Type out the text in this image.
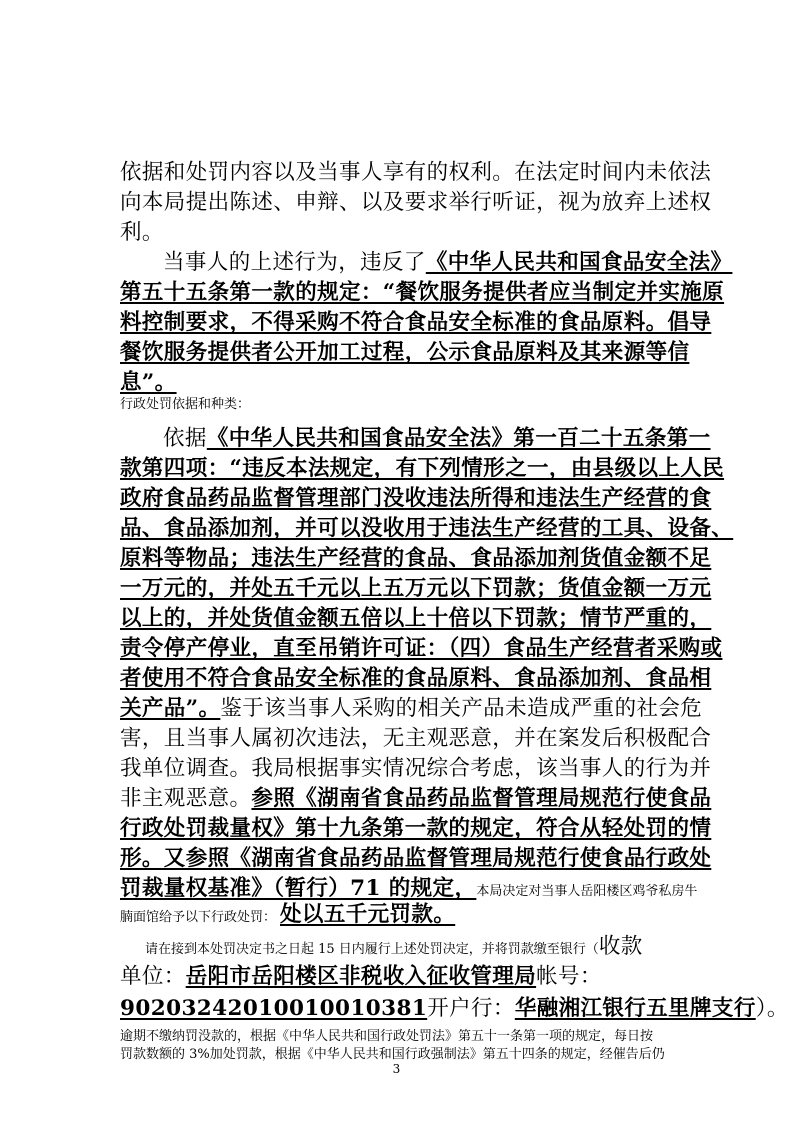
依据和处罚内容以及当事人享有的权利。在法定时间内未依法
向本局提出陈述、申辩、以及要求举行听证，视为放弃上述权
利。
当事人的上述行为，违反了《中华人民共和国食品安全法》
第五十五条第一款的规定：“餐饮服务提供者应当制定并实施原
料控制要求，不得采购不符合食品安全标准的食品原料。倡导
餐饮服务提供者公开加工过程，公示食品原料及其来源等信
息”。
行政处罚依据和种类：
依据《中华人民共和国食品安全法》第一百二十五条第一
款第四项：“违反本法规定，有下列情形之一，由县级以上人民
政府食品药品监督管理部门没收违法所得和违法生产经营的食
品、食品添加剂，并可以没收用于违法生产经营的工具、设备、
原料等物品；违法生产经营的食品、食品添加剂货值金额不足
一万元的，并处五千元以上五万元以下罚款；货值金额一万元
以上的，并处货值金额五倍以上十倍以下罚款；情节严重的，
责令停产停业，直至吊销许可证：（四）食品生产经营者采购或
者使用不符合食品安全标准的食品原料、食品添加剂、食品相
关产品”。鉴于该当事人采购的相关产品未造成严重的社会危
害，且当事人属初次违法，无主观恶意，并在案发后积极配合
我单位调查。我局根据事实情况综合考虑，该当事人的行为并
非主观恶意。参照《湖南省食品药品监督管理局规范行使食品
行政处罚裁量权》第十九条第一款的规定，符合从轻处罚的情
形。又参照《湖南省食品药品监督管理局规范行使食品行政处
罚裁量权基准》（暂行）71 的规定，本局决定对当事人岳阳楼区鸡爷私房牛
腩面馆给予以下行政处罚： 处以五千元罚款。
请在接到本处罚决定书之日起 15 日内履行上述处罚决定，并将罚款缴至银行（收款
单位：岳阳市岳阳楼区非税收入征收管理局帐号：
90203242010010010381开户行：华融湘江银行五里牌支行）。
逾期不缴纳罚没款的，根据《中华人民共和国行政处罚法》第五十一条第一项的规定，每日按
罚款数额的 3%加处罚款，根据《中华人民共和国行政强制法》第五十四条的规定，经催告后仍
3
